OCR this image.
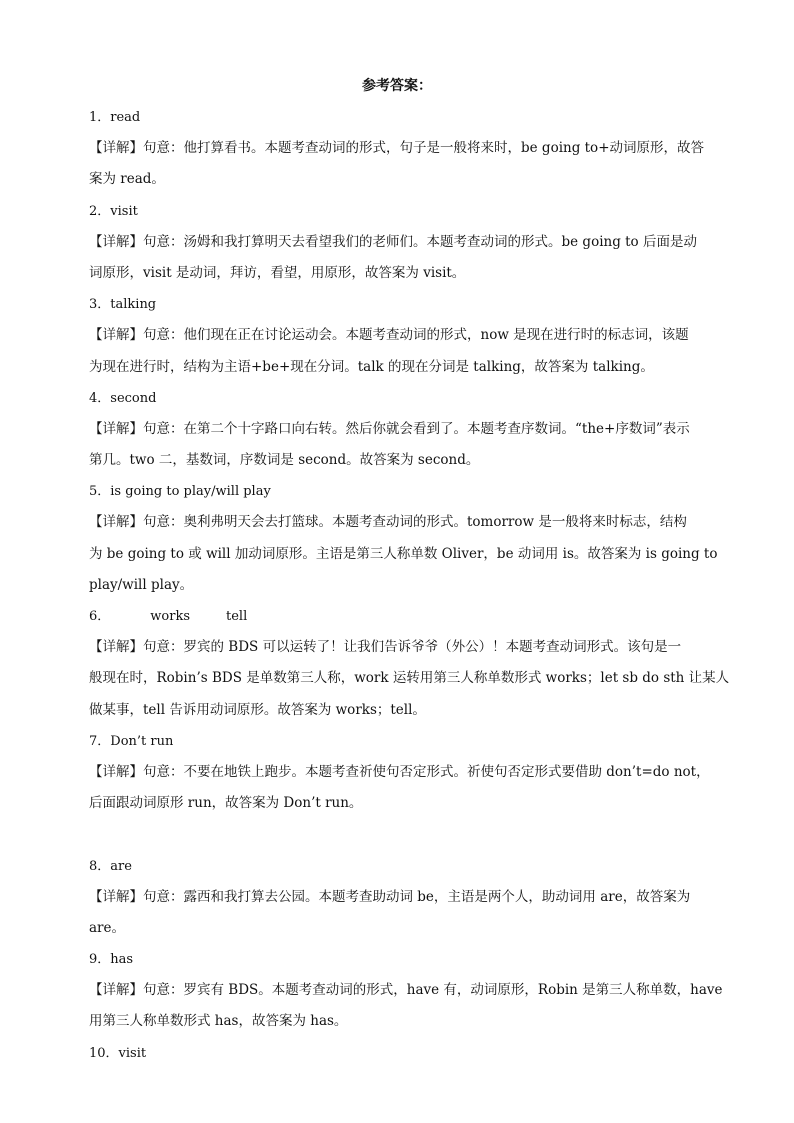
参考答案：
1．read
【详解】句意：他打算看书。本题考查动词的形式，句子是一般将来时，be going to+动词原形，故答
案为 read。
2．visit
【详解】句意：汤姆和我打算明天去看望我们的老师们。本题考查动词的形式。be going to 后面是动
词原形，visit 是动词，拜访，看望，用原形，故答案为 visit。
3．talking
【详解】句意：他们现在正在讨论运动会。本题考查动词的形式，now 是现在进行时的标志词，该题
为现在进行时，结构为主语+be+现在分词。talk 的现在分词是 talking，故答案为 talking。
4．second
【详解】句意：在第二个十字路口向右转。然后你就会看到了。本题考查序数词。“the+序数词”表示
第几。two 二，基数词，序数词是 second。故答案为 second。
5．is going to play/will play
【详解】句意：奥利弗明天会去打篮球。本题考查动词的形式。tomorrow 是一般将来时标志，结构
为 be going to 或 will 加动词原形。主语是第三人称单数 Oliver，be 动词用 is。故答案为 is going to
play/will play。
6．	works	tell
【详解】句意：罗宾的 BDS 可以运转了！让我们告诉爷爷（外公）！本题考查动词形式。该句是一
般现在时，Robin’s BDS 是单数第三人称，work 运转用第三人称单数形式 works；let sb do sth 让某人
做某事，tell 告诉用动词原形。故答案为 works；tell。
7．Don’t run
【详解】句意：不要在地铁上跑步。本题考查祈使句否定形式。祈使句否定形式要借助 don’t=do not，
后面跟动词原形 run，故答案为 Don’t run。
8．are
【详解】句意：露西和我打算去公园。本题考查助动词 be，主语是两个人，助动词用 are，故答案为
are。
9．has
【详解】句意：罗宾有 BDS。本题考查动词的形式，have 有，动词原形，Robin 是第三人称单数，have
用第三人称单数形式 has，故答案为 has。
10．visit
